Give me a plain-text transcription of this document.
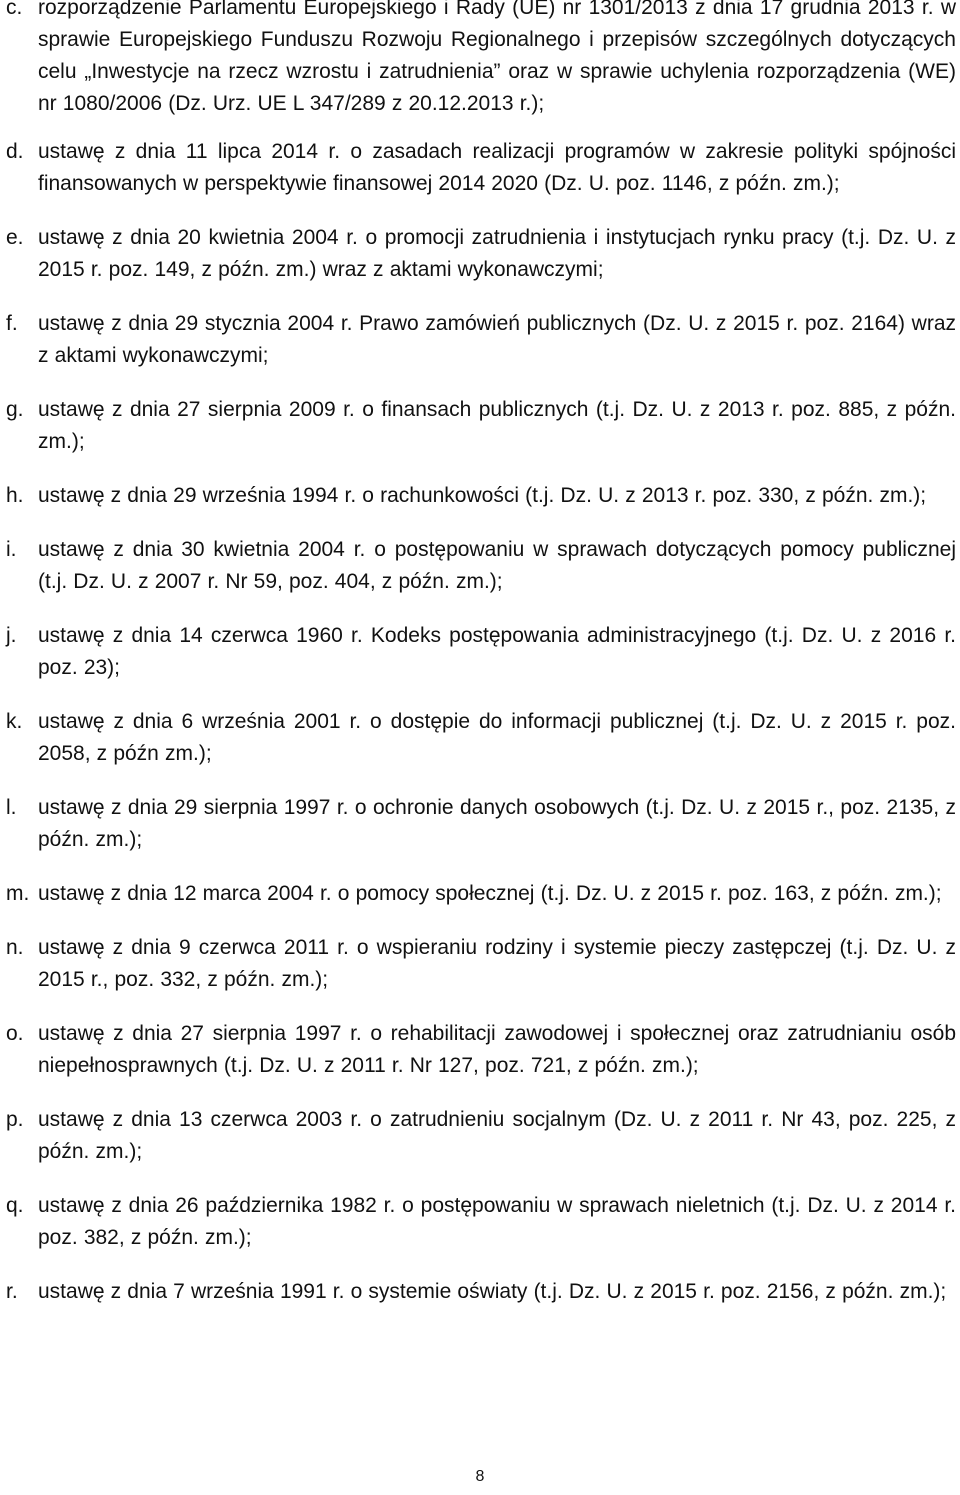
c. rozporządzenie Parlamentu Europejskiego i Rady (UE) nr 1301/2013 z dnia 17 grudnia 2013 r. w sprawie Europejskiego Funduszu Rozwoju Regionalnego i przepisów szczególnych dotyczących celu „Inwestycje na rzecz wzrostu i zatrudnienia” oraz w sprawie uchylenia rozporządzenia (WE) nr 1080/2006 (Dz. Urz. UE L 347/289 z 20.12.2013 r.);
d. ustawę z dnia 11 lipca 2014 r. o zasadach realizacji programów w zakresie polityki spójności finansowanych w perspektywie finansowej 2014 2020 (Dz. U. poz. 1146, z późn. zm.);
e. ustawę z dnia 20 kwietnia 2004 r. o promocji zatrudnienia i instytucjach rynku pracy (t.j. Dz. U. z 2015 r. poz. 149, z późn. zm.) wraz z aktami wykonawczymi;
f. ustawę z dnia 29 stycznia 2004 r. Prawo zamówień publicznych (Dz. U. z 2015 r. poz. 2164) wraz z aktami wykonawczymi;
g. ustawę z dnia 27 sierpnia 2009 r. o finansach publicznych (t.j. Dz. U. z 2013 r. poz. 885, z późn. zm.);
h. ustawę z dnia 29 września 1994 r. o rachunkowości (t.j. Dz. U. z 2013 r. poz. 330, z późn. zm.);
i.	ustawę z dnia 30 kwietnia 2004 r. o postępowaniu w sprawach dotyczących pomocy publicznej (t.j. Dz. U. z 2007 r. Nr 59, poz. 404, z późn. zm.);
j.	ustawę z dnia 14 czerwca 1960 r. Kodeks postępowania administracyjnego (t.j. Dz. U. z 2016 r. poz. 23);
k. ustawę z dnia 6 września 2001 r. o dostępie do informacji publicznej (t.j. Dz. U. z 2015 r. poz. 2058, z późn zm.);
l.	ustawę z dnia 29 sierpnia 1997 r. o ochronie danych osobowych (t.j. Dz. U. z 2015 r., poz. 2135, z późn. zm.);
m. ustawę z dnia 12 marca 2004 r. o pomocy społecznej (t.j. Dz. U. z 2015 r. poz. 163, z późn. zm.);
n. ustawę z dnia 9 czerwca 2011 r. o wspieraniu rodziny i systemie pieczy zastępczej (t.j. Dz. U. z 2015 r., poz. 332, z późn. zm.);
o. ustawę z dnia 27 sierpnia 1997 r. o rehabilitacji zawodowej i społecznej oraz zatrudnianiu osób niepełnosprawnych (t.j. Dz. U. z 2011 r. Nr 127, poz. 721, z późn. zm.);
p. ustawę z dnia 13 czerwca 2003 r. o zatrudnieniu socjalnym (Dz. U. z 2011 r. Nr 43, poz. 225, z późn. zm.);
q. ustawę z dnia 26 października 1982 r. o postępowaniu w sprawach nieletnich (t.j. Dz. U. z 2014 r. poz. 382, z późn. zm.);
r. ustawę z dnia 7 września 1991 r. o systemie oświaty (t.j. Dz. U. z 2015 r. poz. 2156, z późn. zm.);
8
